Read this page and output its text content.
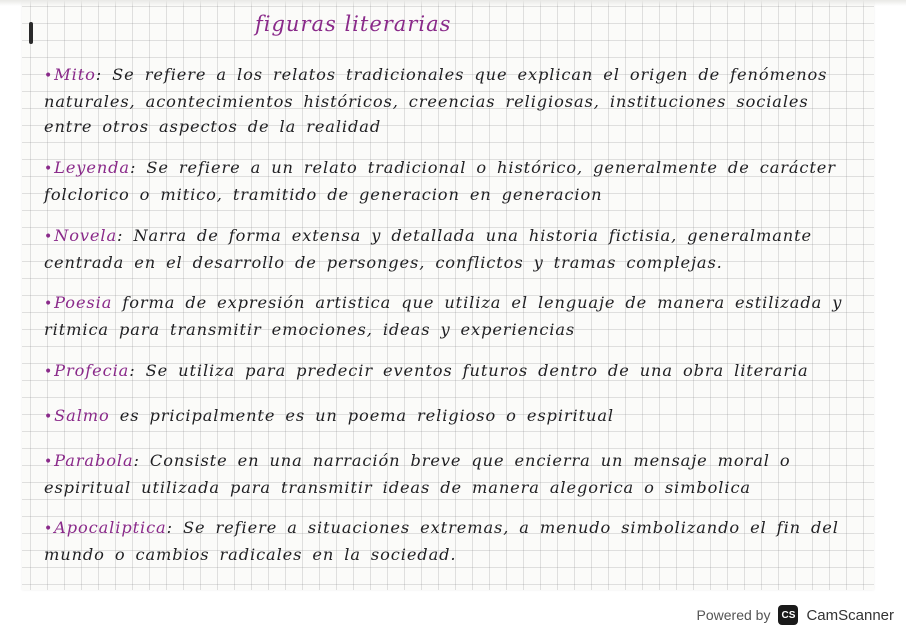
figuras literarias
•Mito: Se refiere a los relatos tradicionales que explican el origen de fenómenos naturales, acontecimientos históricos, creencias religiosas, instituciones sociales entre otros aspectos de la realidad
•Leyenda: Se refiere a un relato tradicional o histórico, generalmente de carácter folclorico o mitico, tramitido de generacion en generacion
•Novela: Narra de forma extensa y detallada una historia fictisia, generalmante centrada en el desarrollo de personges, conflictos y tramas complejas.
•Poesia forma de expresión artistica que utiliza el lenguaje de manera estilizada y ritmica para transmitir emociones, ideas y experiencias
•Profecia: Se utiliza para predecir eventos futuros dentro de una obra literaria
•Salmo es pricipalmente es un poema religioso o espiritual
•Parabola: Consiste en una narración breve que encierra un mensaje moral o espiritual utilizada para transmitir ideas de manera alegorica o simbolica
•Apocaliptica: Se refiere a situaciones extremas, a menudo simbolizando el fin del mundo o cambios radicales en la sociedad.
Powered by	CS CamScanner
